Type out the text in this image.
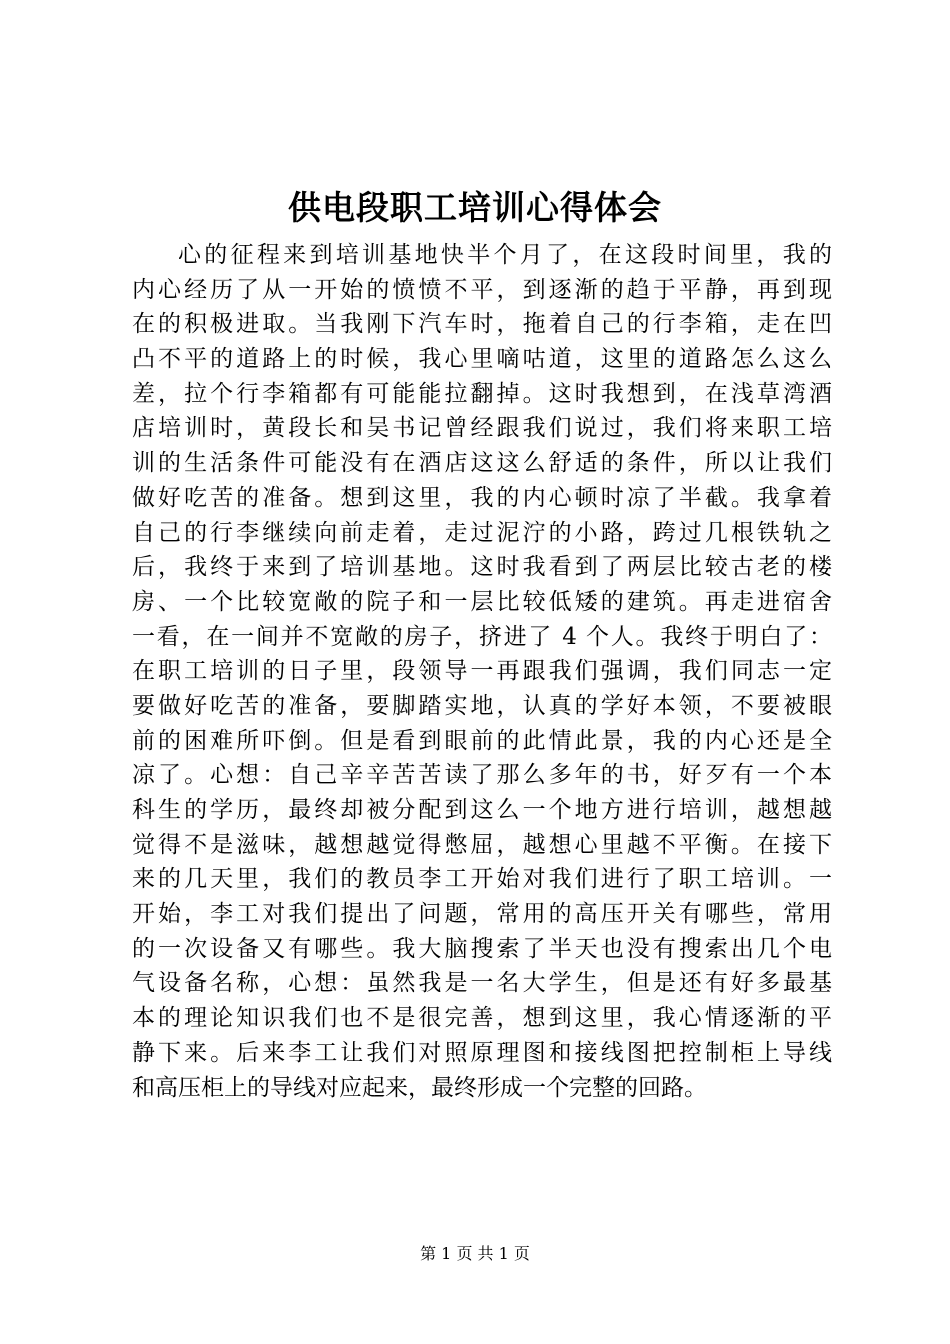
供电段职工培训心得体会
心的征程来到培训基地快半个月了，在这段时间里，我的
内心经历了从一开始的愤愤不平，到逐渐的趋于平静，再到现
在的积极进取。当我刚下汽车时，拖着自己的行李箱，走在凹
凸不平的道路上的时候，我心里嘀咕道，这里的道路怎么这么
差，拉个行李箱都有可能能拉翻掉。这时我想到，在浅草湾酒
店培训时，黄段长和吴书记曾经跟我们说过，我们将来职工培
训的生活条件可能没有在酒店这这么舒适的条件，所以让我们
做好吃苦的准备。想到这里，我的内心顿时凉了半截。我拿着
自己的行李继续向前走着，走过泥泞的小路，跨过几根铁轨之
后，我终于来到了培训基地。这时我看到了两层比较古老的楼
房、一个比较宽敞的院子和一层比较低矮的建筑。再走进宿舍
一看，在一间并不宽敞的房子，挤进了 4 个人。我终于明白了：
在职工培训的日子里，段领导一再跟我们强调，我们同志一定
要做好吃苦的准备，要脚踏实地，认真的学好本领，不要被眼
前的困难所吓倒。但是看到眼前的此情此景，我的内心还是全
凉了。心想：自己辛辛苦苦读了那么多年的书，好歹有一个本
科生的学历，最终却被分配到这么一个地方进行培训，越想越
觉得不是滋味，越想越觉得憋屈，越想心里越不平衡。在接下
来的几天里，我们的教员李工开始对我们进行了职工培训。一
开始，李工对我们提出了问题，常用的高压开关有哪些，常用
的一次设备又有哪些。我大脑搜索了半天也没有搜索出几个电
气设备名称，心想：虽然我是一名大学生，但是还有好多最基
本的理论知识我们也不是很完善，想到这里，我心情逐渐的平
静下来。后来李工让我们对照原理图和接线图把控制柜上导线
和高压柜上的导线对应起来，最终形成一个完整的回路。
第 1 页 共 1 页
